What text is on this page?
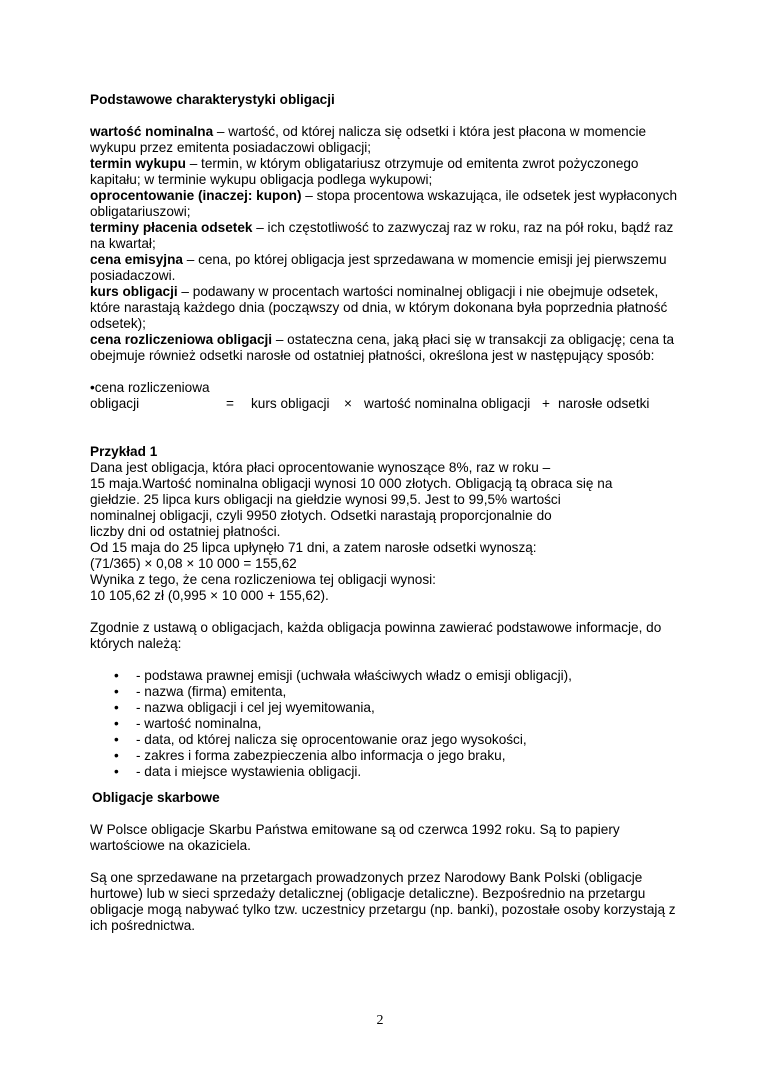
Podstawowe charakterystyki obligacji

wartość nominalna – wartość, od której nalicza się odsetki i która jest płacona w momencie wykupu przez emitenta posiadaczowi obligacji;

termin wykupu – termin, w którym obligatariusz otrzymuje od emitenta zwrot pożyczonego kapitału; w terminie wykupu obligacja podlega wykupowi;

oprocentowanie (inaczej: kupon) – stopa procentowa wskazująca, ile odsetek jest wypłaconych obligatariuszowi;

terminy płacenia odsetek – ich częstotliwość to zazwyczaj raz w roku, raz na pół roku, bądź raz na kwartał;

cena emisyjna – cena, po której obligacja jest sprzedawana w momencie emisji jej pierwszemu posiadaczowi.

kurs obligacji – podawany w procentach wartości nominalnej obligacji i nie obejmuje odsetek, które narastają każdego dnia (począwszy od dnia, w którym dokonana była poprzednia płatność odsetek);

cena rozliczeniowa obligacji – ostateczna cena, jaką płaci się w transakcji za obligację; cena ta obejmuje również odsetki narosłe od ostatniej płatności, określona jest w następujący sposób:

•cena rozliczeniowa
obligacji	= kurs obligacji × wartość nominalna obligacji + narosłe odsetki
Przykład 1

Dana jest obligacja, która płaci oprocentowanie wynoszące 8%, raz w roku –

15 maja.Wartość nominalna obligacji wynosi 10 000 złotych. Obligacją tą obraca się na

giełdzie. 25 lipca kurs obligacji na giełdzie wynosi 99,5. Jest to 99,5% wartości

nominalnej obligacji, czyli 9950 złotych. Odsetki narastają proporcjonalnie do

liczby dni od ostatniej płatności.

Od 15 maja do 25 lipca upłynęło 71 dni, a zatem narosłe odsetki wynoszą:

(71/365) × 0,08 × 10 000 = 155,62

Wynika z tego, że cena rozliczeniowa tej obligacji wynosi:

10 105,62 zł (0,995 × 10 000 + 155,62).

Zgodnie z ustawą o obligacjach, każda obligacja powinna zawierać podstawowe informacje, do których należą:

• - podstawa prawnej emisji (uchwała właściwych władz o emisji obligacji),
• - nazwa (firma) emitenta,
• - nazwa obligacji i cel jej wyemitowania,
• - wartość nominalna,
• - data, od której nalicza się oprocentowanie oraz jego wysokości,
• - zakres i forma zabezpieczenia albo informacja o jego braku,
• - data i miejsce wystawienia obligacji.
Obligacje skarbowe

W Polsce obligacje Skarbu Państwa emitowane są od czerwca 1992 roku. Są to papiery wartościowe na okaziciela.

Są one sprzedawane na przetargach prowadzonych przez Narodowy Bank Polski (obligacje hurtowe) lub w sieci sprzedaży detalicznej (obligacje detaliczne). Bezpośrednio na przetargu obligacje mogą nabywać tylko tzw. uczestnicy przetargu (np. banki), pozostałe osoby korzystają z ich pośrednictwa.

2
